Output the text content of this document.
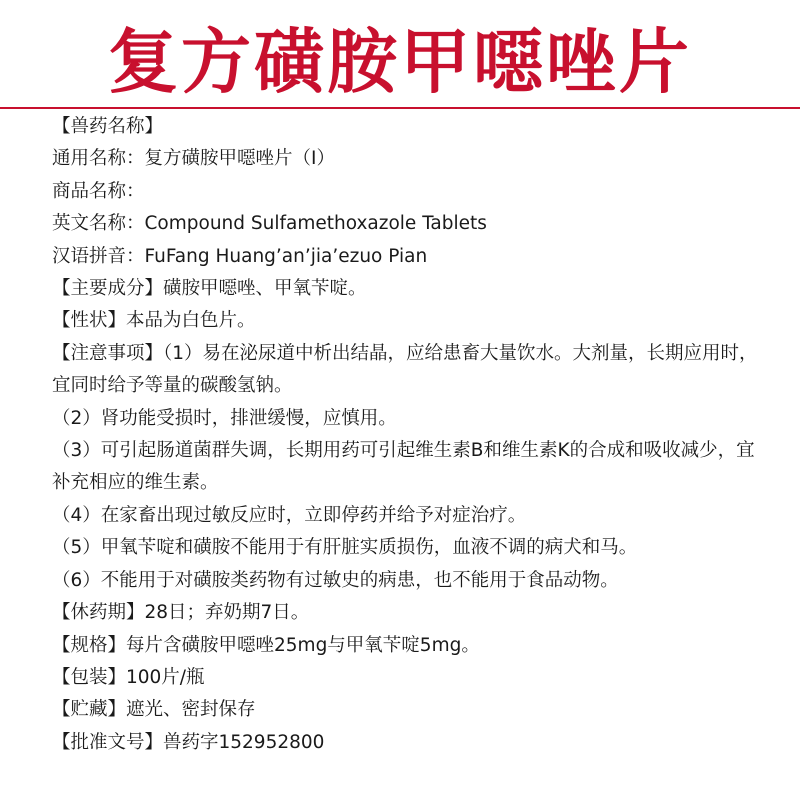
复方磺胺甲噁唑片

【兽药名称】

通用名称：复方磺胺甲噁唑片（I）

商品名称：

英文名称：Compound Sulfamethoxazole Tablets

汉语拼音：FuFang Huang’an’jia’ezuo Pian

【主要成分】磺胺甲噁唑、甲氧苄啶。

【性状】本品为白色片。

【注意事项】（1）易在泌尿道中析出结晶，应给患畜大量饮水。大剂量，长期应用时，宜同时给予等量的碳酸氢钠。

（2）肾功能受损时，排泄缓慢，应慎用。

（3）可引起肠道菌群失调，长期用药可引起维生素B和维生素K的合成和吸收减少，宜补充相应的维生素。

（4）在家畜出现过敏反应时，立即停药并给予对症治疗。

（5）甲氧苄啶和磺胺不能用于有肝脏实质损伤，血液不调的病犬和马。

（6）不能用于对磺胺类药物有过敏史的病患，也不能用于食品动物。

【休药期】28日；弃奶期7日。

【规格】每片含磺胺甲噁唑25mg与甲氧苄啶5mg。

【包装】100片/瓶

【贮藏】遮光、密封保存

【批准文号】兽药字152952800
